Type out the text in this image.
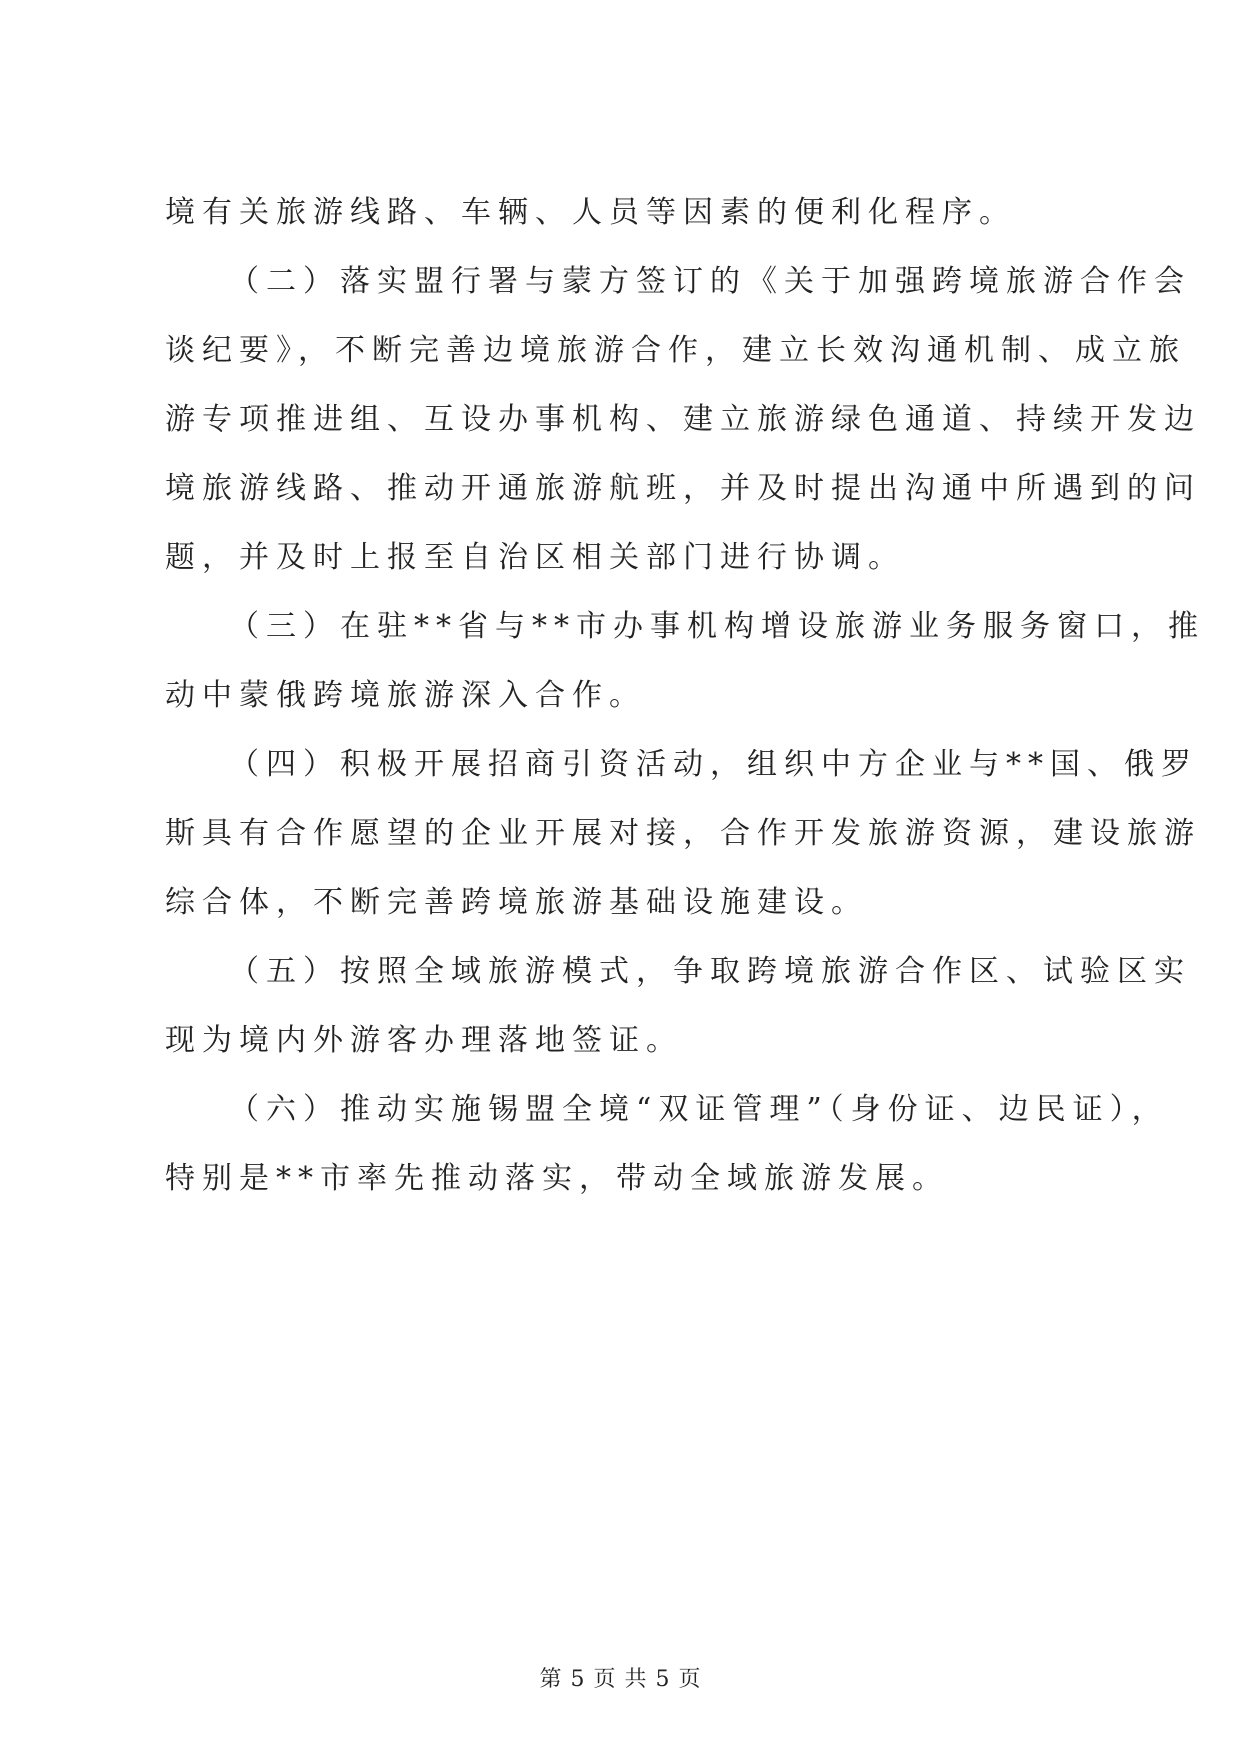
境有关旅游线路、车辆、人员等因素的便利化程序。
（二）落实盟行署与蒙方签订的《关于加强跨境旅游合作会
谈纪要》，不断完善边境旅游合作，建立长效沟通机制、成立旅
游专项推进组、互设办事机构、建立旅游绿色通道、持续开发边
境旅游线路、推动开通旅游航班，并及时提出沟通中所遇到的问
题，并及时上报至自治区相关部门进行协调。
（三）在驻**省与**市办事机构增设旅游业务服务窗口，推
动中蒙俄跨境旅游深入合作。
（四）积极开展招商引资活动，组织中方企业与**国、俄罗
斯具有合作愿望的企业开展对接，合作开发旅游资源，建设旅游
综合体，不断完善跨境旅游基础设施建设。
（五）按照全域旅游模式，争取跨境旅游合作区、试验区实
现为境内外游客办理落地签证。
（六）推动实施锡盟全境“双证管理”（身份证、边民证），
特别是**市率先推动落实，带动全域旅游发展。
第 5 页 共 5 页
